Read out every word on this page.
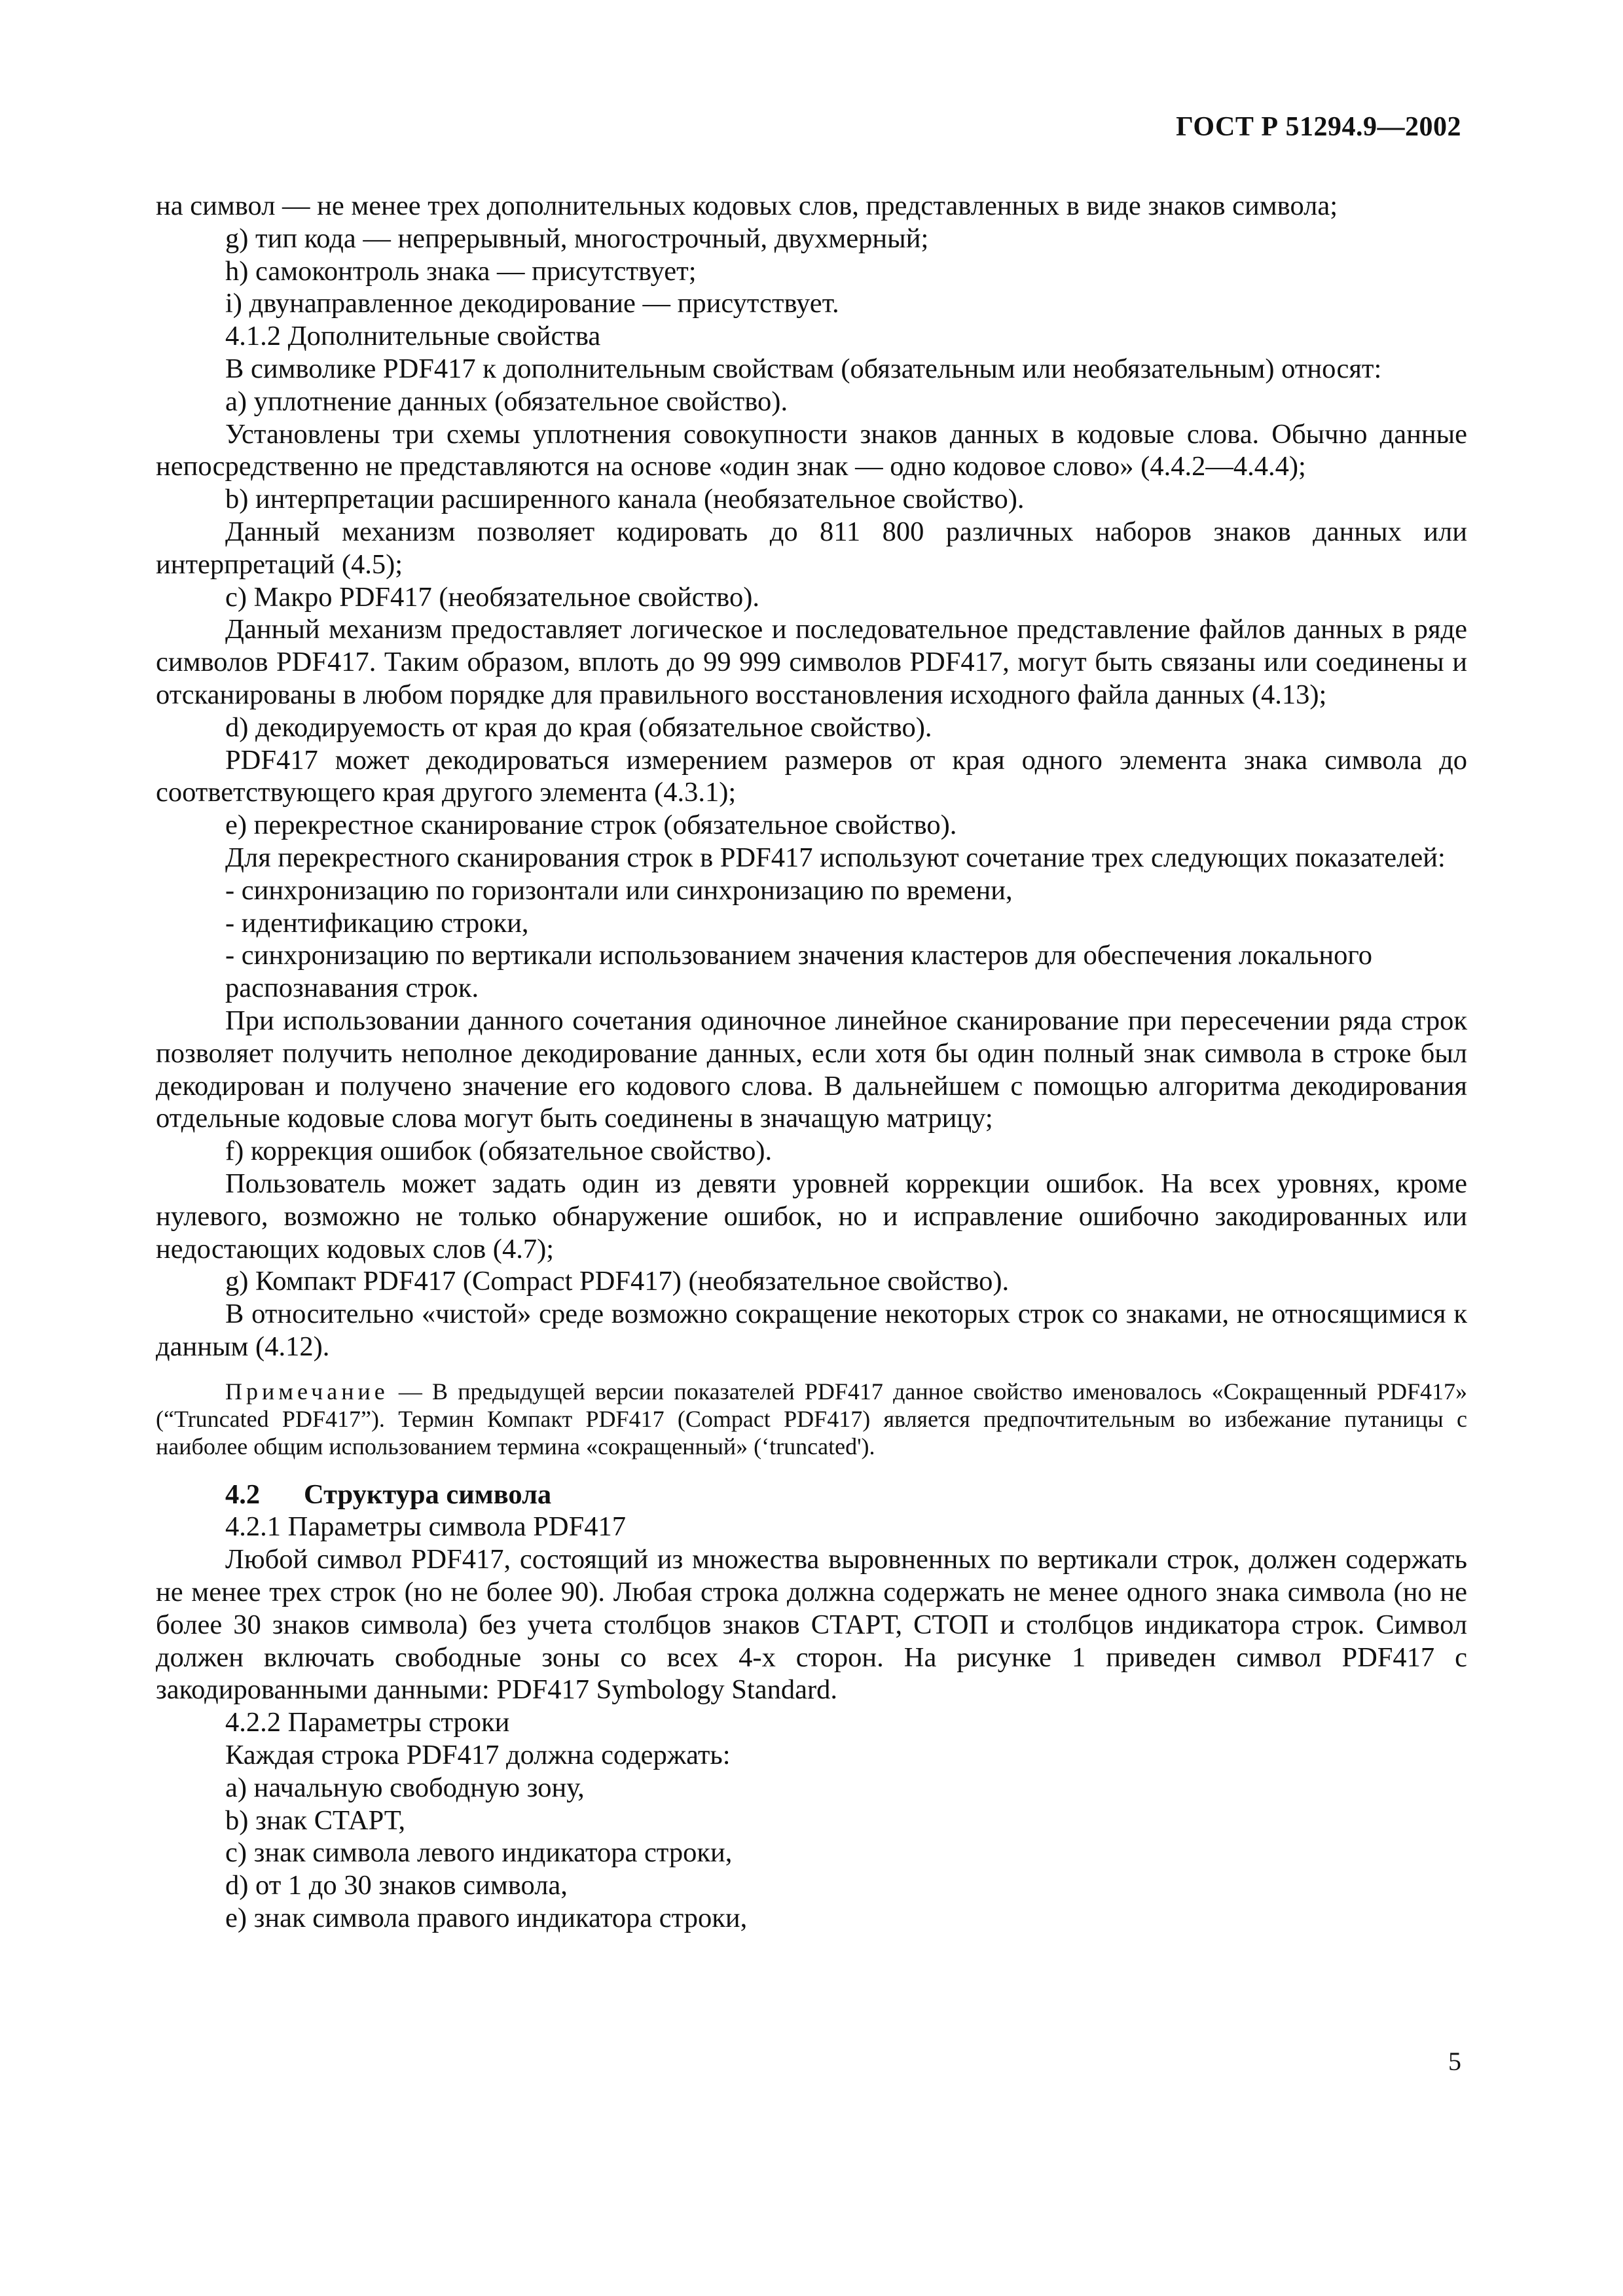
ГОСТ Р 51294.9—2002

на символ — не менее трех дополнительных кодовых слов, представленных в виде знаков символа;

g) тип кода — непрерывный, многострочный, двухмерный;

h) самоконтроль знака — присутствует;

i) двунаправленное декодирование — присутствует.

4.1.2 Дополнительные свойства

В символике PDF417 к дополнительным свойствам (обязательным или необязательным) относят:

a) уплотнение данных (обязательное свойство).

Установлены три схемы уплотнения совокупности знаков данных в кодовые слова. Обычно данные непосредственно не представляются на основе «один знак — одно кодовое слово» (4.4.2—4.4.4);

b) интерпретации расширенного канала (необязательное свойство).

Данный механизм позволяет кодировать до 811 800 различных наборов знаков данных или интерпретаций (4.5);

c) Макро PDF417 (необязательное свойство).

Данный механизм предоставляет логическое и последовательное представление файлов данных в ряде символов PDF417. Таким образом, вплоть до 99 999 символов PDF417, могут быть связаны или соединены и отсканированы в любом порядке для правильного восстановления исходного файла данных (4.13);

d) декодируемость от края до края (обязательное свойство).

PDF417 может декодироваться измерением размеров от края одного элемента знака символа до соответствующего края другого элемента (4.3.1);

e) перекрестное сканирование строк (обязательное свойство).

Для перекрестного сканирования строк в PDF417 используют сочетание трех следующих показателей:

- синхронизацию по горизонтали или синхронизацию по времени,

- идентификацию строки,

- синхронизацию по вертикали использованием значения кластеров для обеспечения локального распознавания строк.

При использовании данного сочетания одиночное линейное сканирование при пересечении ряда строк позволяет получить неполное декодирование данных, если хотя бы один полный знак символа в строке был декодирован и получено значение его кодового слова. В дальнейшем с помощью алгоритма декодирования отдельные кодовые слова могут быть соединены в значащую матрицу;

f) коррекция ошибок (обязательное свойство).

Пользователь может задать один из девяти уровней коррекции ошибок. На всех уровнях, кроме нулевого, возможно не только обнаружение ошибок, но и исправление ошибочно закодированных или недостающих кодовых слов (4.7);

g) Компакт PDF417 (Compact PDF417) (необязательное свойство).

В относительно «чистой» среде возможно сокращение некоторых строк со знаками, не относящимися к данным (4.12).

Примечание — В предыдущей версии показателей PDF417 данное свойство именовалось «Сокращенный PDF417» (“Truncated PDF417”). Термин Компакт PDF417 (Compact PDF417) является предпочтительным во избежание путаницы с наиболее общим использованием термина «сокращенный» (‘truncated').

4.2 Структура символа

4.2.1 Параметры символа PDF417

Любой символ PDF417, состоящий из множества выровненных по вертикали строк, должен содержать не менее трех строк (но не более 90). Любая строка должна содержать не менее одного знака символа (но не более 30 знаков символа) без учета столбцов знаков СТАРТ, СТОП и столбцов индикатора строк. Символ должен включать свободные зоны со всех 4-х сторон. На рисунке 1 приведен символ PDF417 с закодированными данными: PDF417 Symbology Standard.

4.2.2 Параметры строки

Каждая строка PDF417 должна содержать:

a) начальную свободную зону,

b) знак СТАРТ,

c) знак символа левого индикатора строки,

d) от 1 до 30 знаков символа,

e) знак символа правого индикатора строки,

5
